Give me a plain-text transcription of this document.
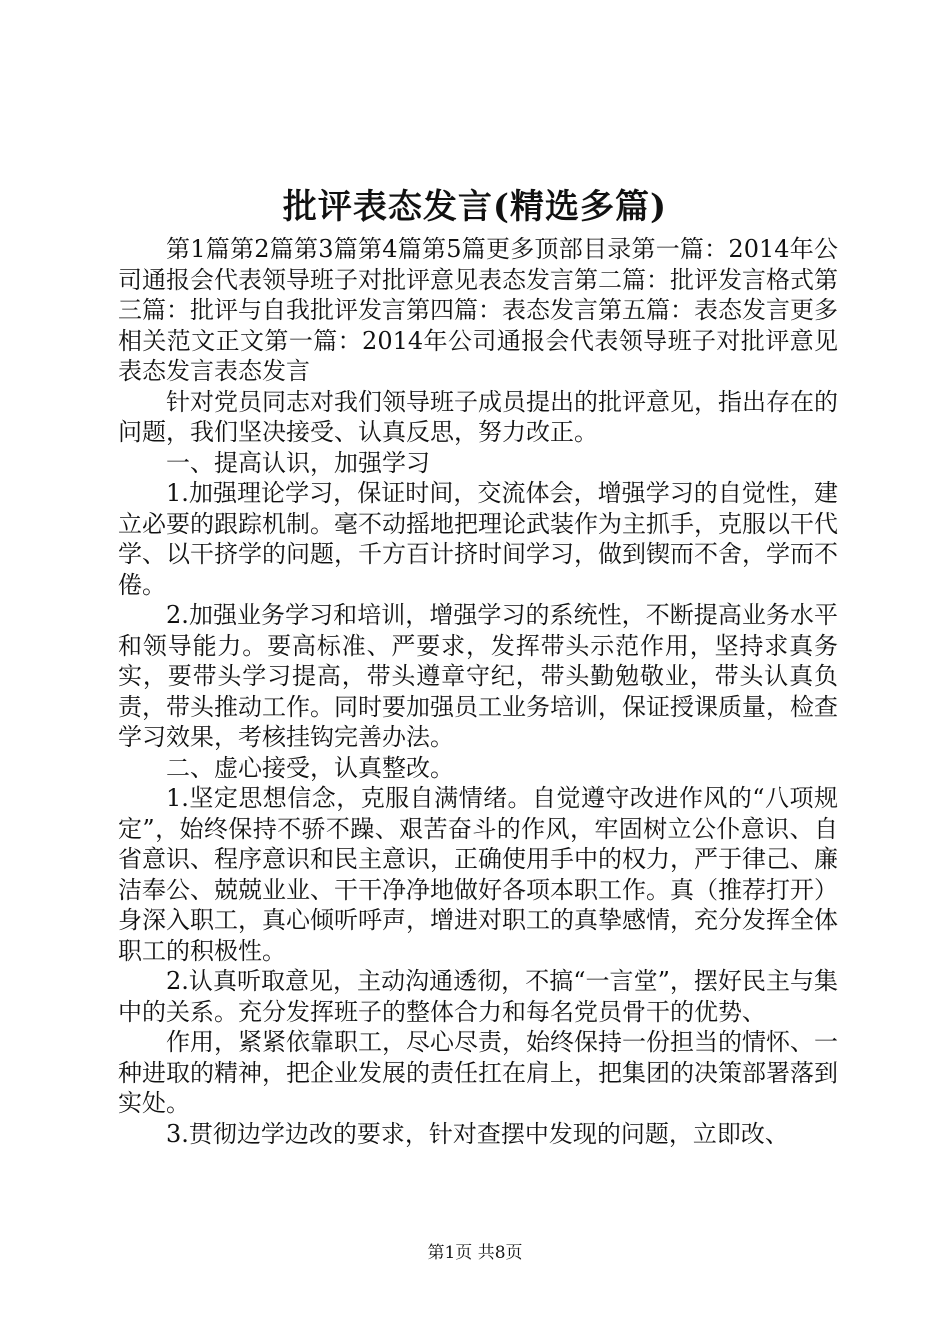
批评表态发言(精选多篇)

第1篇第2篇第3篇第4篇第5篇更多顶部目录第一篇：2014年公司通报会代表领导班子对批评意见表态发言第二篇：批评发言格式第三篇：批评与自我批评发言第四篇：表态发言第五篇：表态发言更多相关范文正文第一篇：2014年公司通报会代表领导班子对批评意见表态发言表态发言

针对党员同志对我们领导班子成员提出的批评意见，指出存在的问题，我们坚决接受、认真反思，努力改正。

一、提高认识，加强学习

1.加强理论学习，保证时间，交流体会，增强学习的自觉性，建立必要的跟踪机制。毫不动摇地把理论武装作为主抓手，克服以干代学、以干挤学的问题，千方百计挤时间学习，做到锲而不舍，学而不倦。

2.加强业务学习和培训，增强学习的系统性，不断提高业务水平和领导能力。要高标准、严要求，发挥带头示范作用，坚持求真务实，要带头学习提高，带头遵章守纪，带头勤勉敬业，带头认真负责，带头推动工作。同时要加强员工业务培训，保证授课质量，检查学习效果，考核挂钩完善办法。

二、虚心接受，认真整改。

1.坚定思想信念，克服自满情绪。自觉遵守改进作风的“八项规定”，始终保持不骄不躁、艰苦奋斗的作风，牢固树立公仆意识、自省意识、程序意识和民主意识，正确使用手中的权力，严于律己、廉洁奉公、兢兢业业、干干净净地做好各项本职工作。真（推荐打开）身深入职工，真心倾听呼声，增进对职工的真挚感情，充分发挥全体职工的积极性。

2.认真听取意见，主动沟通透彻，不搞“一言堂”，摆好民主与集中的关系。充分发挥班子的整体合力和每名党员骨干的优势、

作用，紧紧依靠职工，尽心尽责，始终保持一份担当的情怀、一种进取的精神，把企业发展的责任扛在肩上，把集团的决策部署落到实处。

3.贯彻边学边改的要求，针对查摆中发现的问题，立即改、

第1页 共8页
